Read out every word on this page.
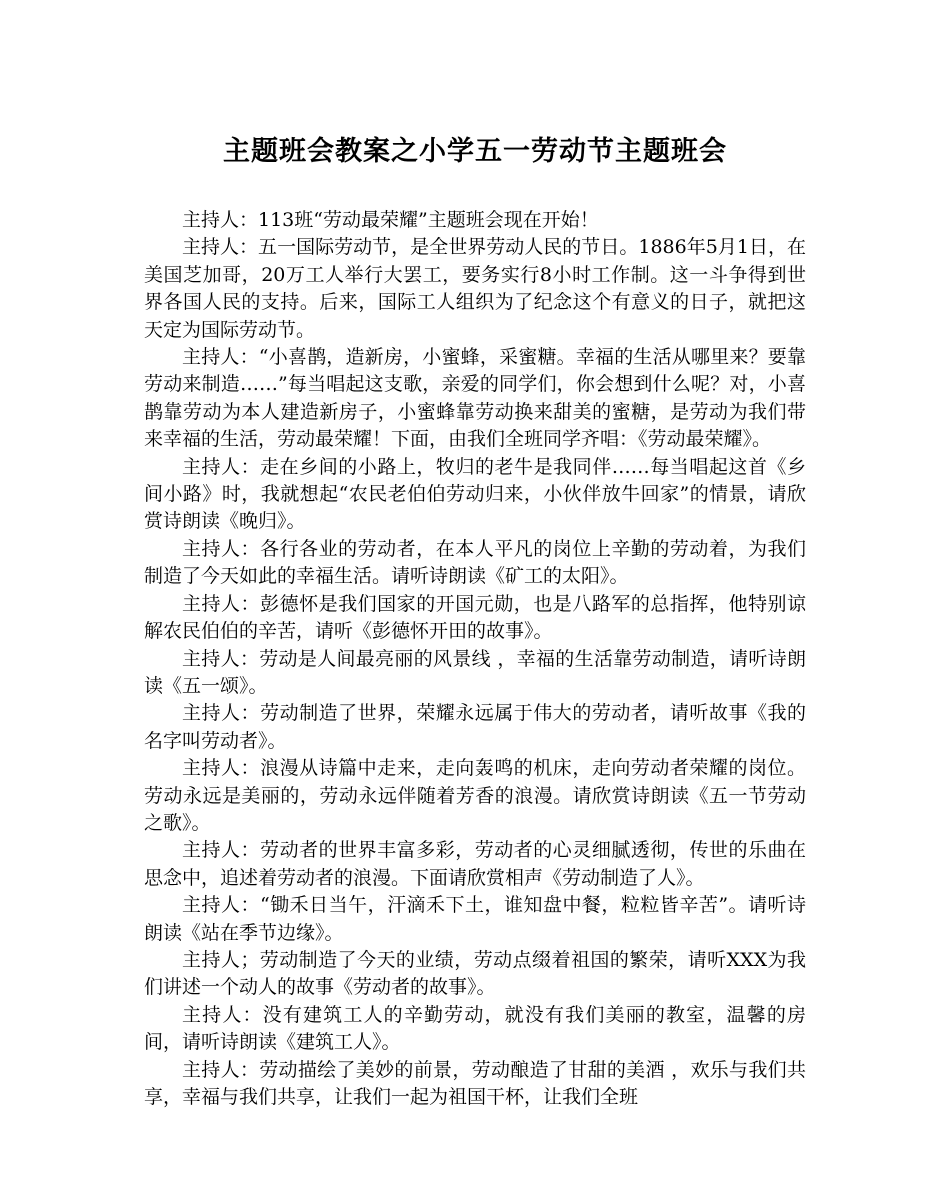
主题班会教案之小学五一劳动节主题班会

主持人：113班“劳动最荣耀”主题班会现在开始！

主持人：五一国际劳动节，是全世界劳动人民的节日。1886年5月1日，在美国芝加哥，20万工人举行大罢工，要务实行8小时工作制。这一斗争得到世界各国人民的支持。后来，国际工人组织为了纪念这个有意义的日子，就把这天定为国际劳动节。

主持人：“小喜鹊，造新房，小蜜蜂，采蜜糖。幸福的生活从哪里来？要靠劳动来制造……”每当唱起这支歌，亲爱的同学们，你会想到什么呢？对，小喜鹊靠劳动为本人建造新房子，小蜜蜂靠劳动换来甜美的蜜糖，是劳动为我们带来幸福的生活，劳动最荣耀！下面，由我们全班同学齐唱：《劳动最荣耀》。

主持人：走在乡间的小路上，牧归的老牛是我同伴……每当唱起这首《乡间小路》时，我就想起“农民老伯伯劳动归来，小伙伴放牛回家”的情景，请欣赏诗朗读《晚归》。

主持人：各行各业的劳动者，在本人平凡的岗位上辛勤的劳动着，为我们制造了今天如此的幸福生活。请听诗朗读《矿工的太阳》。

主持人：彭德怀是我们国家的开国元勋，也是八路军的总指挥，他特别谅解农民伯伯的辛苦，请听《彭德怀开田的故事》。

主持人：劳动是人间最亮丽的风景线 ，幸福的生活靠劳动制造，请听诗朗读《五一颂》。

主持人：劳动制造了世界，荣耀永远属于伟大的劳动者，请听故事《我的名字叫劳动者》。

主持人：浪漫从诗篇中走来，走向轰鸣的机床，走向劳动者荣耀的岗位。劳动永远是美丽的，劳动永远伴随着芳香的浪漫。请欣赏诗朗读《五一节劳动之歌》。

主持人：劳动者的世界丰富多彩，劳动者的心灵细腻透彻，传世的乐曲在思念中，追述着劳动者的浪漫。下面请欣赏相声《劳动制造了人》。

主持人：“锄禾日当午，汗滴禾下土，谁知盘中餐，粒粒皆辛苦”。请听诗朗读《站在季节边缘》。

主持人；劳动制造了今天的业绩，劳动点缀着祖国的繁荣，请听XXX为我们讲述一个动人的故事《劳动者的故事》。

主持人：没有建筑工人的辛勤劳动，就没有我们美丽的教室，温馨的房间，请听诗朗读《建筑工人》。

主持人：劳动描绘了美妙的前景，劳动酿造了甘甜的美酒 ，欢乐与我们共享，幸福与我们共享，让我们一起为祖国干杯，让我们全班
